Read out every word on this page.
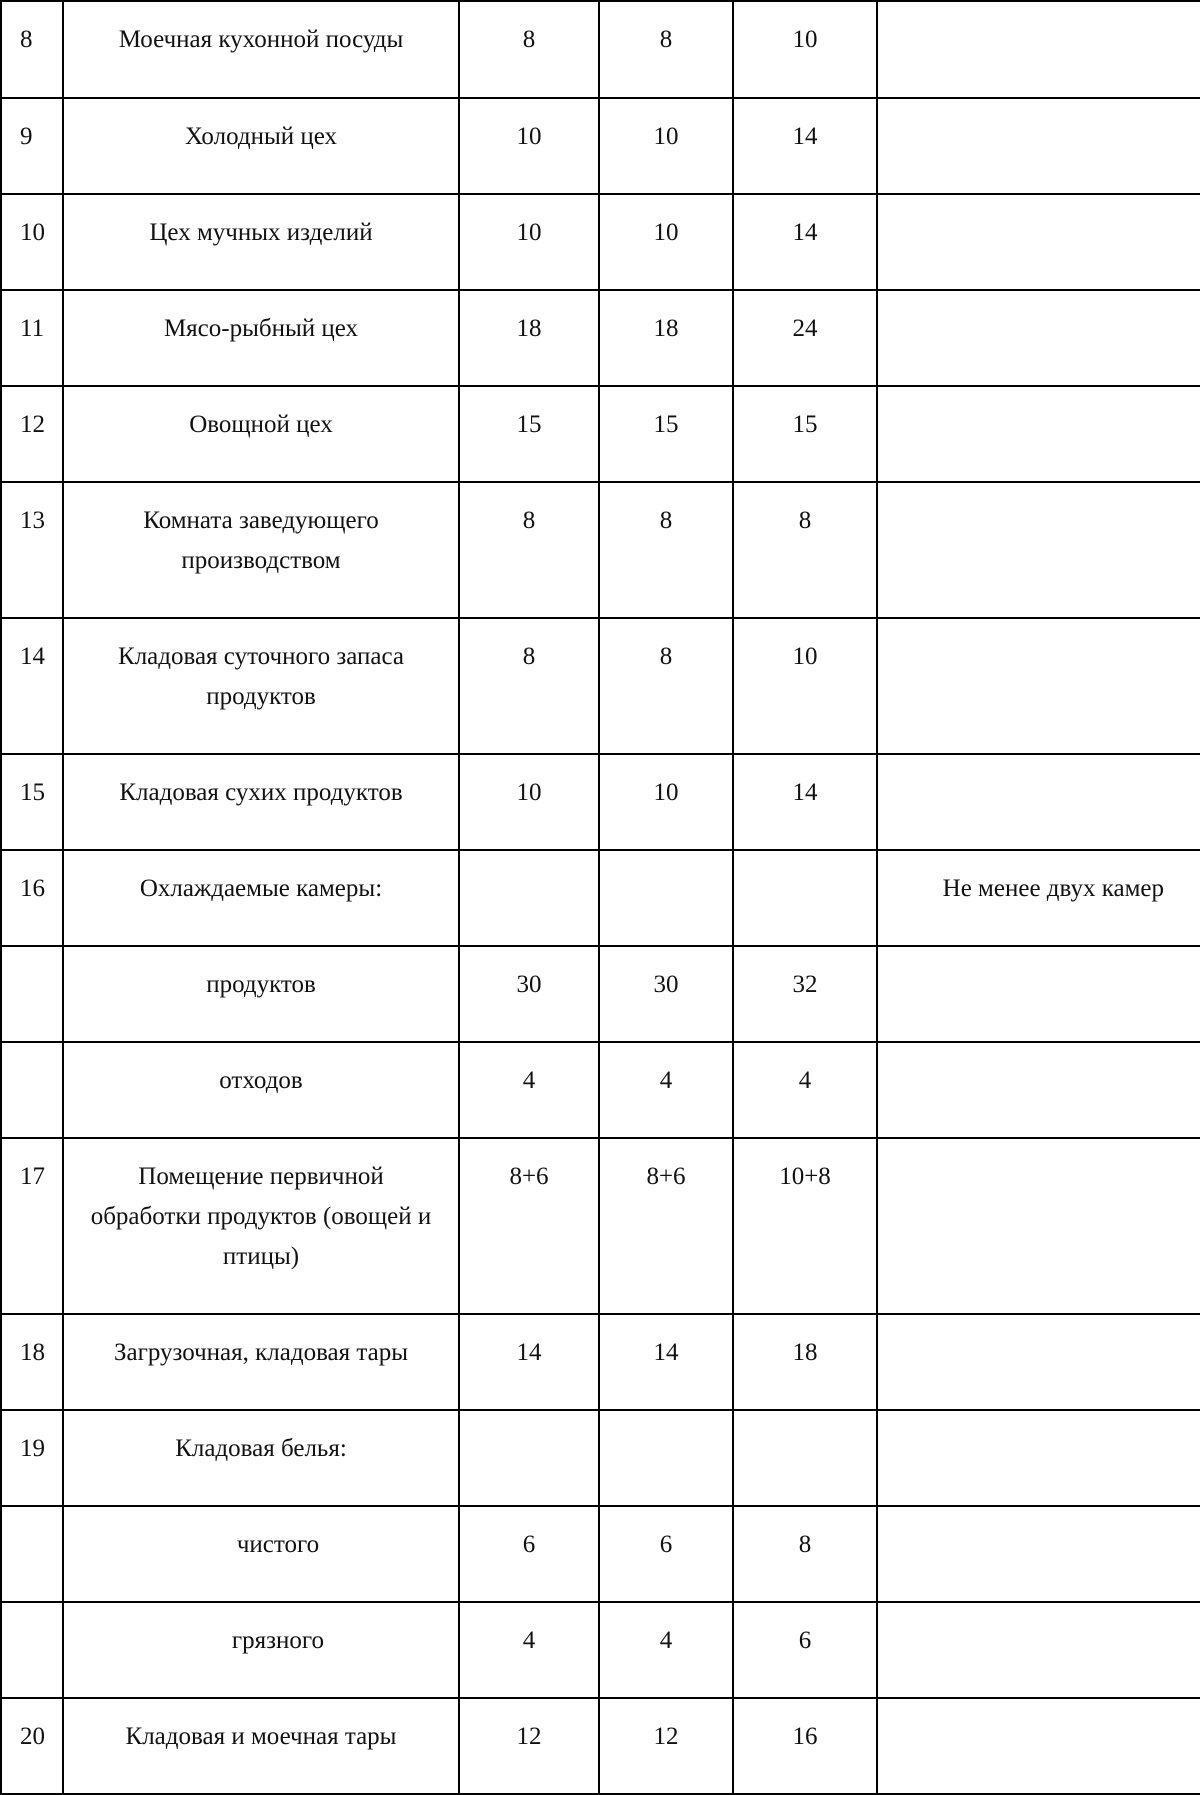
8	Моечная кухонной посуды	8	8	10	
9	Холодный цех	10	10	14	
10	Цех мучных изделий	10	10	14	
11	Мясо-рыбный цех	18	18	24	
12	Овощной цех	15	15	15	
13	Комната заведующего
производством	8	8	8	
14	Кладовая суточного запаса
продуктов	8	8	10	
15	Кладовая сухих продуктов	10	10	14	
16	Охлаждаемые камеры:				Не менее двух камер
	продуктов	30	30	32	
	отходов	4	4	4	
17	Помещение первичной
обработки продуктов (овощей и
птицы)	8+6	8+6	10+8	
18	Загрузочная, кладовая тары	14	14	18	
19	Кладовая белья:				
	чистого	6	6	8	
	грязного	4	4	6	
20	Кладовая и моечная тары	12	12	16	
